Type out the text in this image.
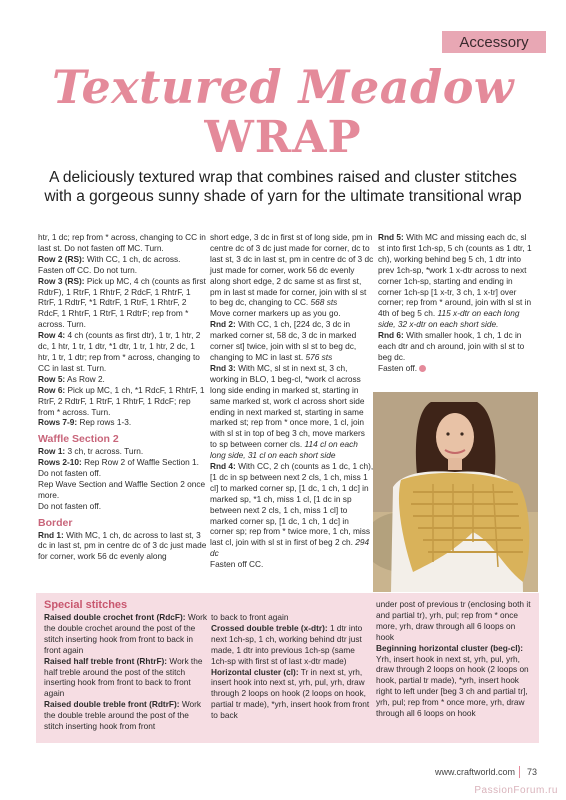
Accessory
Textured Meadow
WRAP
A deliciously textured wrap that combines raised and cluster stitches with a gorgeous sunny shade of yarn for the ultimate transitional wrap

htr, 1 dc; rep from * across, changing to CC in last st. Do not fasten off MC. Turn.

Row 2 (RS): With CC, 1 ch, dc across. Fasten off CC. Do not turn.

Row 3 (RS): Pick up MC, 4 ch (counts as first RdtrF), 1 RtrF, 1 RhtrF, 2 RdcF, 1 RhtrF, 1 RtrF, 1 RdtrF, *1 RdtrF, 1 RtrF, 1 RhtrF, 2 RdcF, 1 RhtrF, 1 RtrF, 1 RdtrF; rep from * across. Turn.

Row 4: 4 ch (counts as first dtr), 1 tr, 1 htr, 2 dc, 1 htr, 1 tr, 1 dtr, *1 dtr, 1 tr, 1 htr, 2 dc, 1 htr, 1 tr, 1 dtr; rep from * across, changing to CC in last st. Turn.

Row 5: As Row 2.

Row 6: Pick up MC, 1 ch, *1 RdcF, 1 RhtrF, 1 RtrF, 2 RdtrF, 1 RtrF, 1 RhtrF, 1 RdcF; rep from * across. Turn.

Rows 7-9: Rep rows 1-3.

Waffle Section 2

Row 1: 3 ch, tr across. Turn.

Rows 2-10: Rep Row 2 of Waffle Section 1. Do not fasten off.

Rep Wave Section and Waffle Section 2 once more.

Do not fasten off.

Border

Rnd 1: With MC, 1 ch, dc across to last st, 3 dc in last st, pm in centre dc of 3 dc just made for corner, work 56 dc evenly along

short edge, 3 dc in first st of long side, pm in centre dc of 3 dc just made for corner, dc to last st, 3 dc in last st, pm in centre dc of 3 dc just made for corner, work 56 dc evenly along short edge, 2 dc same st as first st, pm in last st made for corner, join with sl st to beg dc, changing to CC. 568 sts

Move corner markers up as you go.

Rnd 2: With CC, 1 ch, [224 dc, 3 dc in marked corner st, 58 dc, 3 dc in marked corner st] twice, join with sl st to beg dc, changing to MC in last st. 576 sts

Rnd 3: With MC, sl st in next st, 3 ch, working in BLO, 1 beg-cl, *work cl across long side ending in marked st, starting in same marked st, work cl across short side ending in next marked st, starting in same marked st; rep from * once more, 1 cl, join with sl st in top of beg 3 ch, move markers to sp between corner cls. 114 cl on each long side, 31 cl on each short side

Rnd 4: With CC, 2 ch (counts as 1 dc, 1 ch), [1 dc in sp between next 2 cls, 1 ch, miss 1 cl] to marked corner sp, [1 dc, 1 ch, 1 dc] in marked sp, *1 ch, miss 1 cl, [1 dc in sp between next 2 cls, 1 ch, miss 1 cl] to marked corner sp, [1 dc, 1 ch, 1 dc] in corner sp; rep from * twice more, 1 ch, miss last cl, join with sl st in first of beg 2 ch. 294 dc

Fasten off CC.

Rnd 5: With MC and missing each dc, sl st into first 1ch-sp, 5 ch (counts as 1 dtr, 1 ch), working behind beg 5 ch, 1 dtr into prev 1ch-sp, *work 1 x-dtr across to next corner 1ch-sp, starting and ending in corner 1ch-sp [1 x-tr, 3 ch, 1 x-tr] over corner; rep from * around, join with sl st in 4th of beg 5 ch. 115 x-dtr on each long side, 32 x-dtr on each short side.

Rnd 6: With smaller hook, 1 ch, 1 dc in each dtr and ch around, join with sl st to beg dc.

Fasten off.

Special stitches

Raised double crochet front (RdcF): Work the double crochet around the post of the stitch inserting hook from front to back in front again

Raised half treble front (RhtrF): Work the half treble around the post of the stitch inserting hook from front to back to front again

Raised double treble front (RdtrF): Work the double treble around the post of the stitch inserting hook from front

to back to front again

Crossed double treble (x-dtr): 1 dtr into next 1ch-sp, 1 ch, working behind dtr just made, 1 dtr into previous 1ch-sp (same 1ch-sp with first st of last x-dtr made)

Horizontal cluster (cl): Tr in next st, yrh, insert hook into next st, yrh, pul, yrh, draw through 2 loops on hook (2 loops on hook, partial tr made), *yrh, insert hook from front to back

under post of previous tr (enclosing both it and partial tr), yrh, pul; rep from * once more, yrh, draw through all 6 loops on hook

Beginning horizontal cluster (beg-cl): Yrh, insert hook in next st, yrh, pul, yrh, draw through 2 loops on hook (2 loops on hook, partial tr made), *yrh, insert hook right to left under [beg 3 ch and partial tr], yrh, pul; rep from * once more, yrh, draw through all 6 loops on hook

www.craftworld.com 73
PassionForum.ru
